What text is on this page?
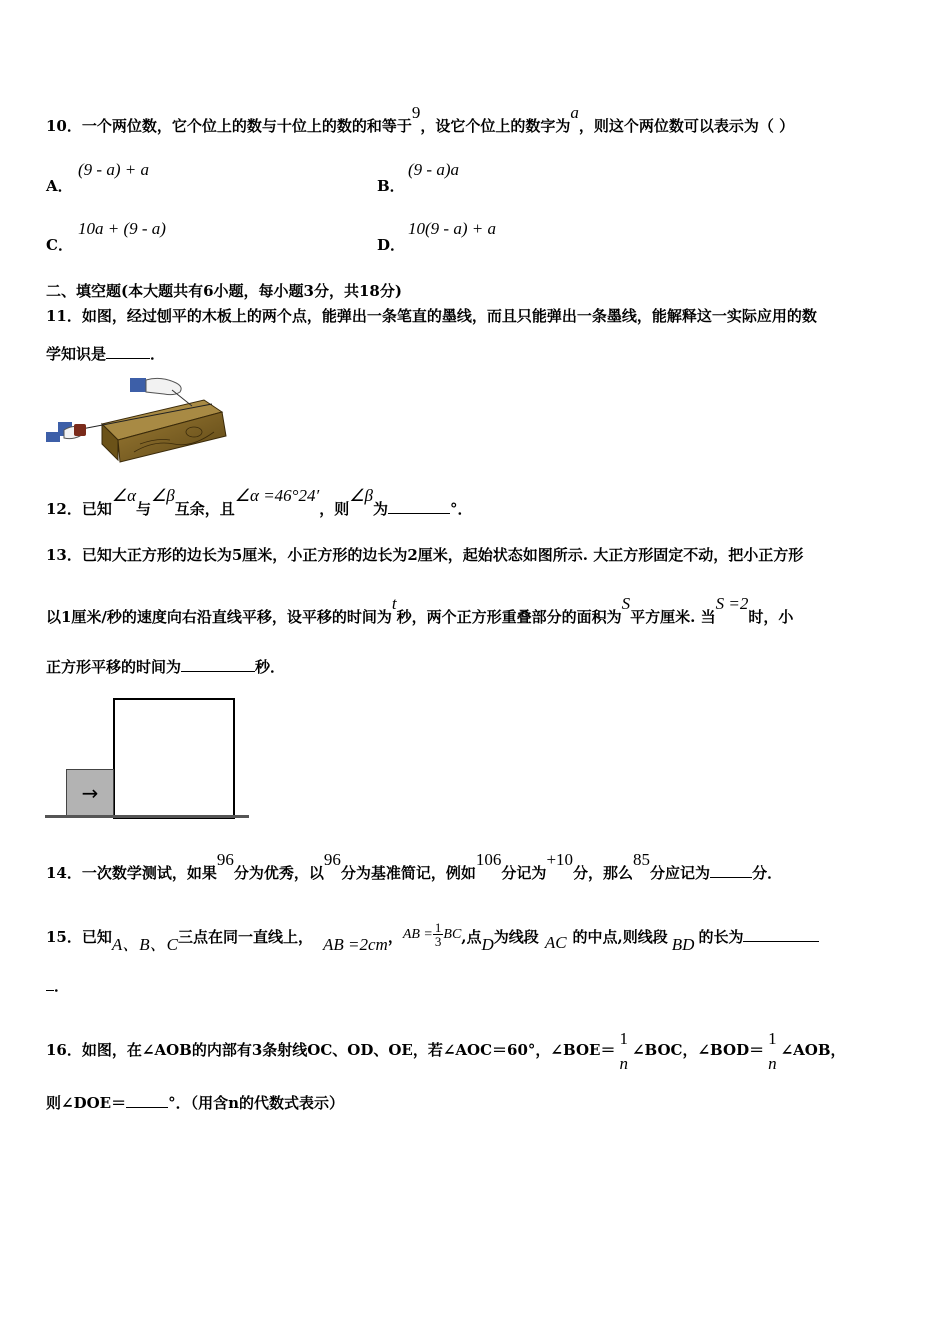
10．一个两位数，它个位上的数与十位上的数的和等于9，设它个位上的数字为a，则这个两位数可以表示为（ ）
A．
(9 - a) + a
B．
(9 - a)a
C．
10a + (9 - a)
D．
10(9 - a) + a
二、填空题(本大题共有6小题，每小题3分，共18分)
11．如图，经过刨平的木板上的两个点，能弹出一条笔直的墨线，而且只能弹出一条墨线，能解释这一实际应用的数
学知识是	．
12．已知∠α与∠β互余，且∠α =46°24′，则∠β为	°．
13．已知大正方形的边长为5厘米，小正方形的边长为2厘米，起始状态如图所示. 大正方形固定不动，把小正方形
以1厘米/秒的速度向右沿直线平移，设平移的时间为t秒，两个正方形重叠部分的面积为S平方厘米. 当S =2时，小
正方形平移的时间为	秒．
→
14．一次数学测试，如果96分为优秀，以96分为基准简记，例如106分记为+10分，那么85分应记为	分．
15．已知A、B、C三点在同一直线上， AB =2cm，AB = $\frac{1}{3}$ BC,点D为线段 AC 的中点,则线段 BD 的长为
．
16．如图，在∠AOB的内部有3条射线OC、OD、OE，若∠AOC＝60°，∠BOE＝
1
n
∠BOC，∠BOD＝
1
n
∠AOB，
则∠DOE＝	°．（用含n的代数式表示）
